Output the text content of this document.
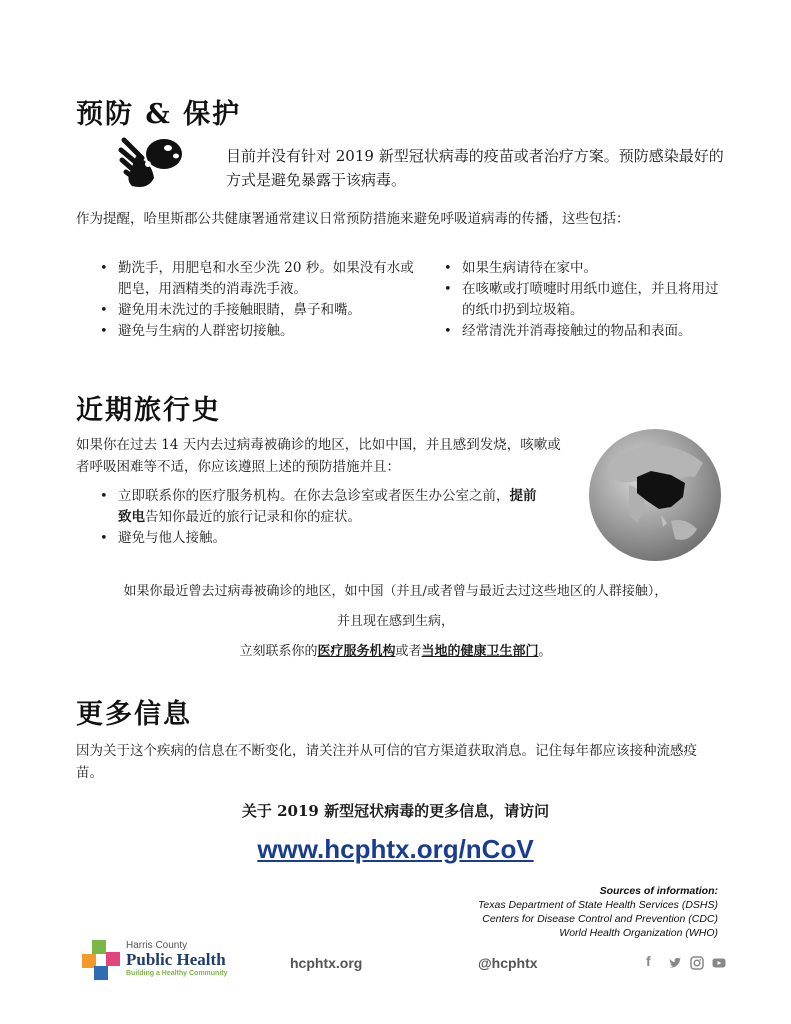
预防 & 保护
目前并没有针对 2019 新型冠状病毒的疫苗或者治疗方案。预防感染最好的方式是避免暴露于该病毒。
作为提醒，哈里斯郡公共健康署通常建议日常预防措施来避免呼吸道病毒的传播，这些包括：
• 勤洗手，用肥皂和水至少洗 20 秒。如果没有水或肥皂，用酒精类的消毒洗手液。
• 避免用未洗过的手接触眼睛，鼻子和嘴。
• 避免与生病的人群密切接触。
• 如果生病请待在家中。
• 在咳嗽或打喷嚏时用纸巾遮住，并且将用过的纸巾扔到垃圾箱。
• 经常清洗并消毒接触过的物品和表面。
近期旅行史
如果你在过去 14 天内去过病毒被确诊的地区，比如中国，并且感到发烧，咳嗽或者呼吸困难等不适，你应该遵照上述的预防措施并且：
• 立即联系你的医疗服务机构。在你去急诊室或者医生办公室之前，提前致电告知你最近的旅行记录和你的症状。
• 避免与他人接触。
如果你最近曾去过病毒被确诊的地区，如中国（并且/或者曾与最近去过这些地区的人群接触），
并且现在感到生病，
立刻联系你的医疗服务机构或者当地的健康卫生部门。
更多信息
因为关于这个疾病的信息在不断变化，请关注并从可信的官方渠道获取消息。记住每年都应该接种流感疫苗。
关于 2019 新型冠状病毒的更多信息，请访问
www.hcphtx.org/nCoV
Sources of information:
Texas Department of State Health Services (DSHS)
Centers for Disease Control and Prevention (CDC)
World Health Organization (WHO)
Harris County
Public Health
Building a Healthy Community
hcphtx.org	@hcphtx	f
